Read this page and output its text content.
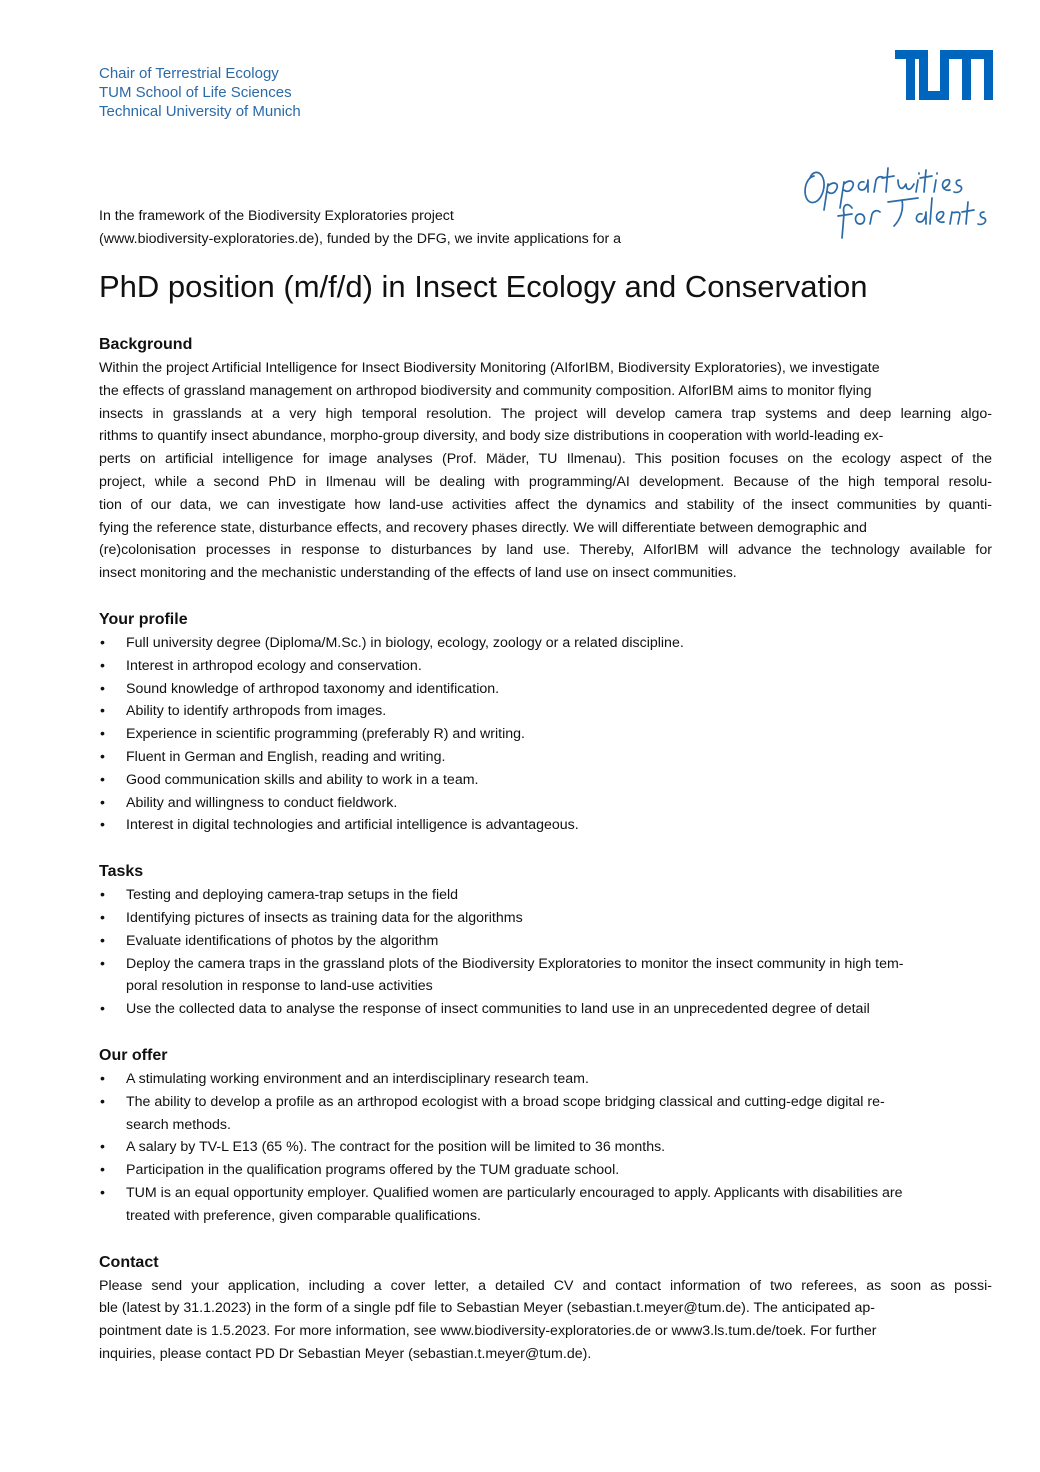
Chair of Terrestrial Ecology
TUM School of Life Sciences
Technical University of Munich
In the framework of the Biodiversity Exploratories project
(www.biodiversity-exploratories.de), funded by the DFG, we invite applications for a
PhD position (m/f/d) in Insect Ecology and Conservation
Background
Within the project Artificial Intelligence for Insect Biodiversity Monitoring (AIforIBM, Biodiversity Exploratories), we investigate
the effects of grassland management on arthropod biodiversity and community composition. AIforIBM aims to monitor flying
insects in grasslands at a very high temporal resolution. The project will develop camera trap systems and deep learning algo-
rithms to quantify insect abundance, morpho-group diversity, and body size distributions in cooperation with world-leading ex-
perts on artificial intelligence for image analyses (Prof. Mäder, TU Ilmenau). This position focuses on the ecology aspect of the
project, while a second PhD in Ilmenau will be dealing with programming/AI development. Because of the high temporal resolu-
tion of our data, we can investigate how land-use activities affect the dynamics and stability of the insect communities by quanti-
fying the reference state, disturbance effects, and recovery phases directly. We will differentiate between demographic and
(re)colonisation processes in response to disturbances by land use. Thereby, AIforIBM will advance the technology available for
insect monitoring and the mechanistic understanding of the effects of land use on insect communities.
Your profile
• Full university degree (Diploma/M.Sc.) in biology, ecology, zoology or a related discipline.
• Interest in arthropod ecology and conservation.
• Sound knowledge of arthropod taxonomy and identification.
• Ability to identify arthropods from images.
• Experience in scientific programming (preferably R) and writing.
• Fluent in German and English, reading and writing.
• Good communication skills and ability to work in a team.
• Ability and willingness to conduct fieldwork.
• Interest in digital technologies and artificial intelligence is advantageous.
Tasks
• Testing and deploying camera-trap setups in the field
• Identifying pictures of insects as training data for the algorithms
• Evaluate identifications of photos by the algorithm
• Deploy the camera traps in the grassland plots of the Biodiversity Exploratories to monitor the insect community in high tem-
poral resolution in response to land-use activities
• Use the collected data to analyse the response of insect communities to land use in an unprecedented degree of detail
Our offer
• A stimulating working environment and an interdisciplinary research team.
• The ability to develop a profile as an arthropod ecologist with a broad scope bridging classical and cutting-edge digital re-
search methods.
• A salary by TV-L E13 (65 %). The contract for the position will be limited to 36 months.
• Participation in the qualification programs offered by the TUM graduate school.
• TUM is an equal opportunity employer. Qualified women are particularly encouraged to apply. Applicants with disabilities are
treated with preference, given comparable qualifications.
Contact
Please send your application, including a cover letter, a detailed CV and contact information of two referees, as soon as possi-
ble (latest by 31.1.2023) in the form of a single pdf file to Sebastian Meyer (sebastian.t.meyer@tum.de). The anticipated ap-
pointment date is 1.5.2023. For more information, see www.biodiversity-exploratories.de or www3.ls.tum.de/toek. For further
inquiries, please contact PD Dr Sebastian Meyer (sebastian.t.meyer@tum.de).
